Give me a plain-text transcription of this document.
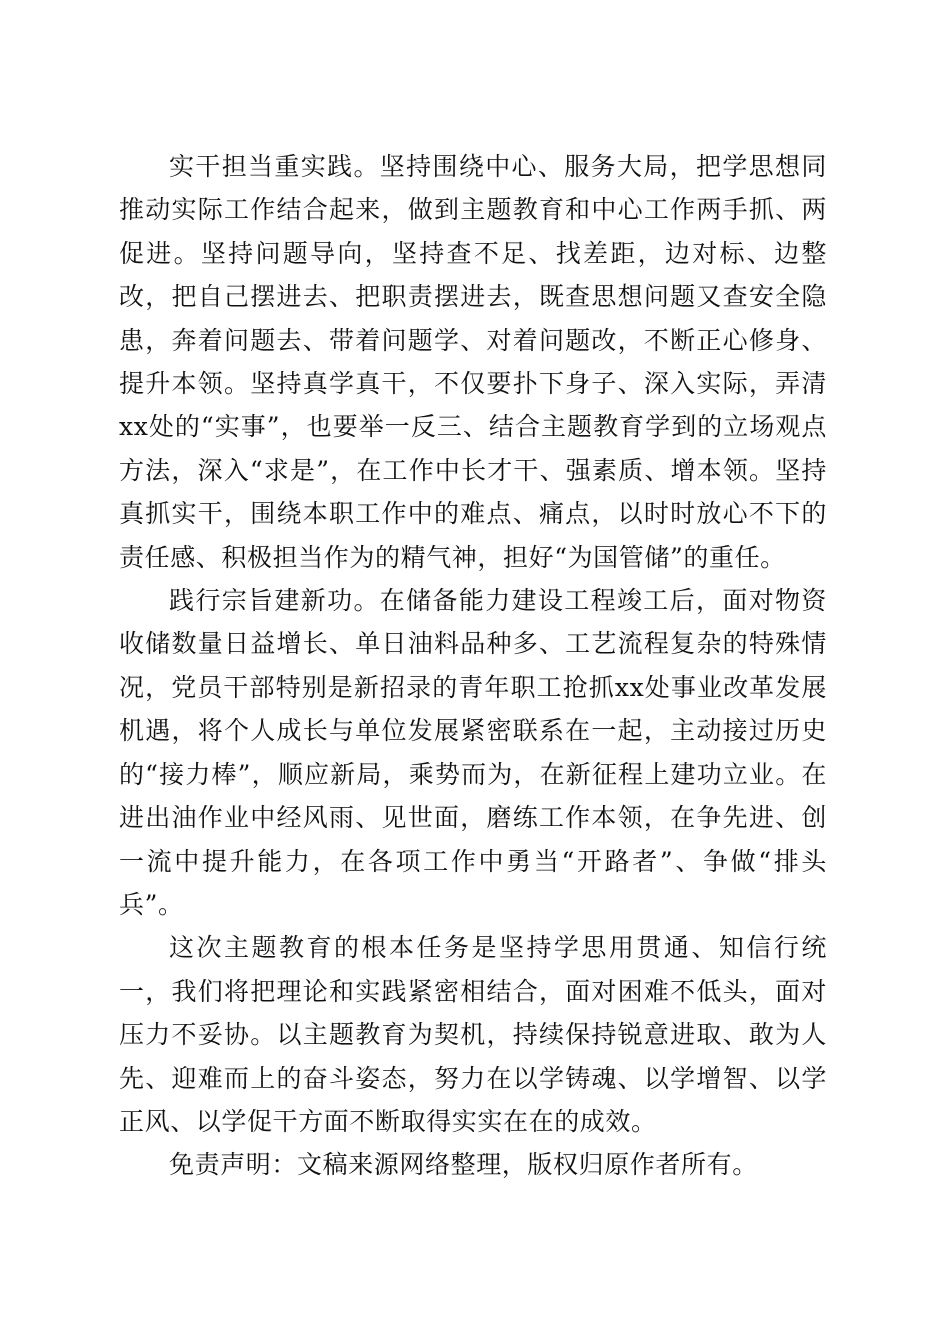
实干担当重实践。坚持围绕中心、服务大局，把学思想同推动实际工作结合起来，做到主题教育和中心工作两手抓、两促进。坚持问题导向，坚持查不足、找差距，边对标、边整改，把自己摆进去、把职责摆进去，既查思想问题又查安全隐患，奔着问题去、带着问题学、对着问题改，不断正心修身、提升本领。坚持真学真干，不仅要扑下身子、深入实际，弄清xx处的“实事”，也要举一反三、结合主题教育学到的立场观点方法，深入“求是”，在工作中长才干、强素质、增本领。坚持真抓实干，围绕本职工作中的难点、痛点，以时时放心不下的责任感、积极担当作为的精气神，担好“为国管储”的重任。

践行宗旨建新功。在储备能力建设工程竣工后，面对物资收储数量日益增长、单日油料品种多、工艺流程复杂的特殊情况，党员干部特别是新招录的青年职工抢抓xx处事业改革发展机遇，将个人成长与单位发展紧密联系在一起，主动接过历史的“接力棒”，顺应新局，乘势而为，在新征程上建功立业。在进出油作业中经风雨、见世面，磨练工作本领，在争先进、创一流中提升能力，在各项工作中勇当“开路者”、争做“排头兵”。

这次主题教育的根本任务是坚持学思用贯通、知信行统一，我们将把理论和实践紧密相结合，面对困难不低头，面对压力不妥协。以主题教育为契机，持续保持锐意进取、敢为人先、迎难而上的奋斗姿态，努力在以学铸魂、以学增智、以学正风、以学促干方面不断取得实实在在的成效。

免责声明：文稿来源网络整理，版权归原作者所有。
